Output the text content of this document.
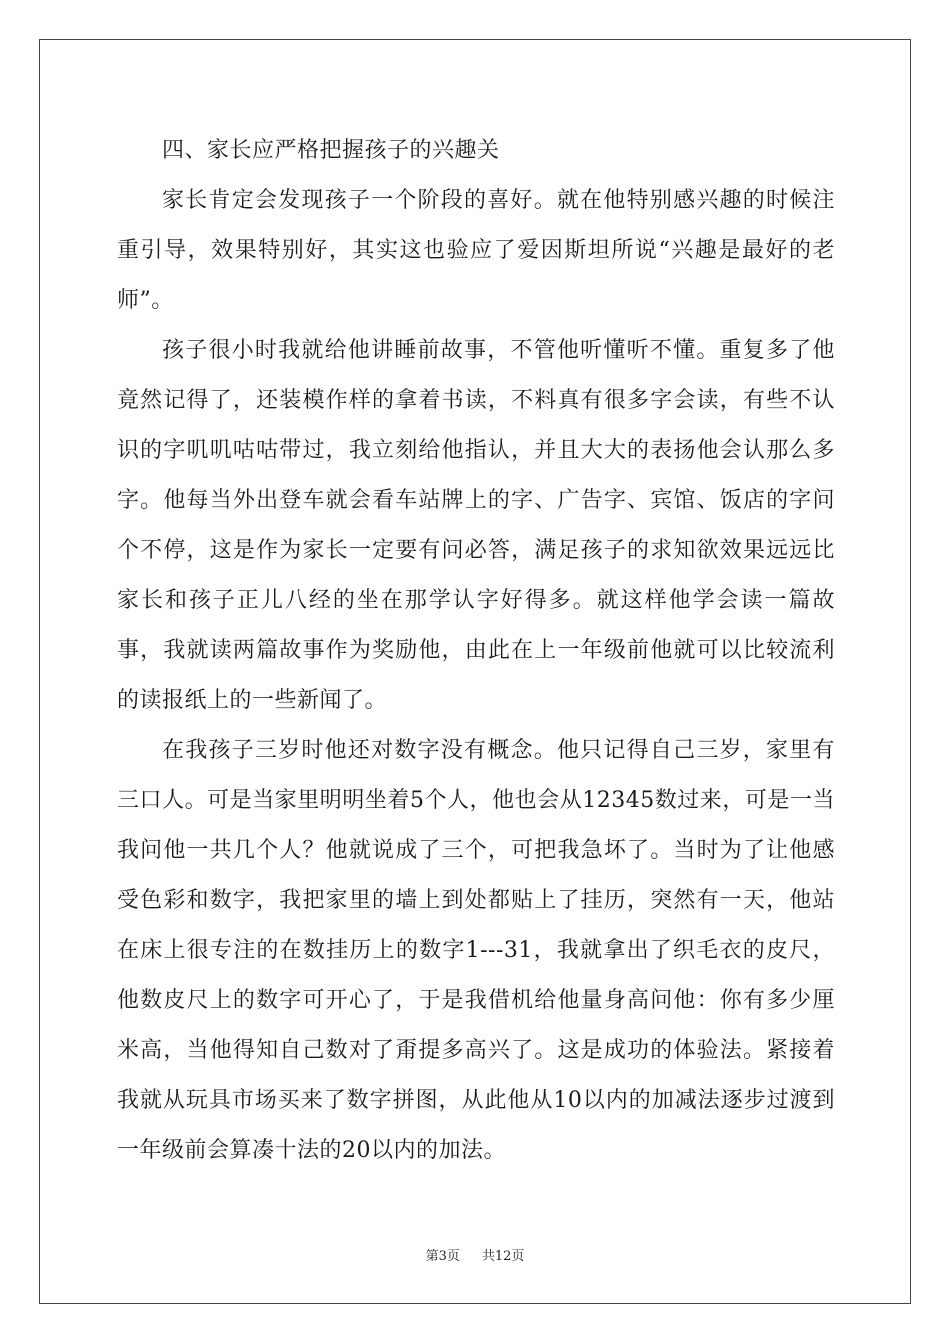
四、家长应严格把握孩子的兴趣关

家长肯定会发现孩子一个阶段的喜好。就在他特别感兴趣的时候注重引导，效果特别好，其实这也验应了爱因斯坦所说“兴趣是最好的老师”。

孩子很小时我就给他讲睡前故事，不管他听懂听不懂。重复多了他竟然记得了，还装模作样的拿着书读，不料真有很多字会读，有些不认识的字叽叽咕咕带过，我立刻给他指认，并且大大的表扬他会认那么多字。他每当外出登车就会看车站牌上的字、广告字、宾馆、饭店的字问个不停，这是作为家长一定要有问必答，满足孩子的求知欲效果远远比家长和孩子正儿八经的坐在那学认字好得多。就这样他学会读一篇故事，我就读两篇故事作为奖励他，由此在上一年级前他就可以比较流利的读报纸上的一些新闻了。

在我孩子三岁时他还对数字没有概念。他只记得自己三岁，家里有三口人。可是当家里明明坐着5个人，他也会从12345数过来，可是一当我问他一共几个人？他就说成了三个，可把我急坏了。当时为了让他感受色彩和数字，我把家里的墙上到处都贴上了挂历，突然有一天，他站在床上很专注的在数挂历上的数字1---31，我就拿出了织毛衣的皮尺，他数皮尺上的数字可开心了，于是我借机给他量身高问他：你有多少厘米高，当他得知自己数对了甭提多高兴了。这是成功的体验法。紧接着我就从玩具市场买来了数字拼图，从此他从10以内的加减法逐步过渡到一年级前会算凑十法的20以内的加法。

第3页 共12页
